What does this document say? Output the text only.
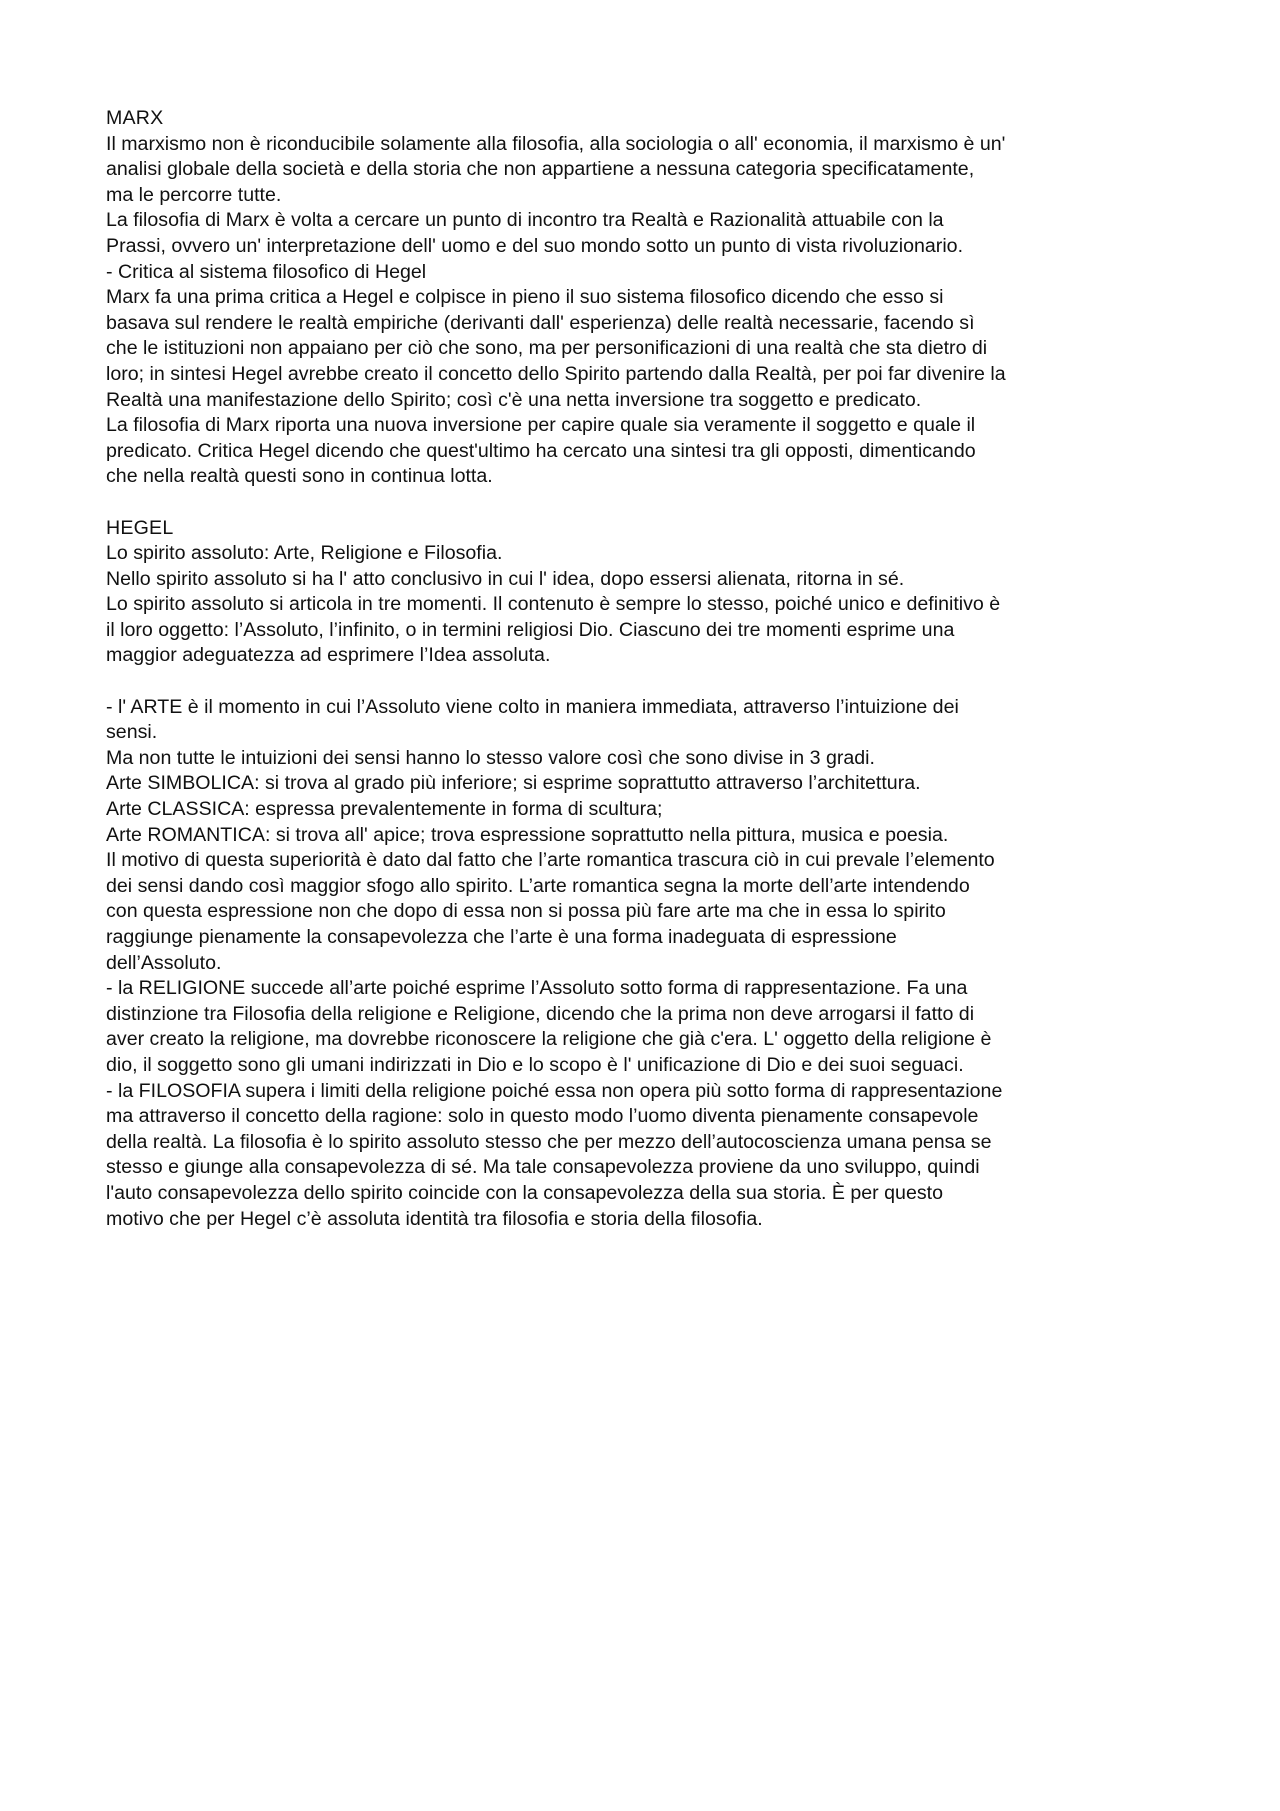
MARX

Il marxismo non è riconducibile solamente alla filosofia, alla sociologia o all' economia, il marxismo è un' analisi globale della società e della storia che non appartiene a nessuna categoria specificatamente, ma le percorre tutte.

La filosofia di Marx è volta a cercare un punto di incontro tra Realtà e Razionalità attuabile con la Prassi, ovvero un' interpretazione dell' uomo e del suo mondo sotto un punto di vista rivoluzionario.

- Critica al sistema filosofico di Hegel

Marx fa una prima critica a Hegel e colpisce in pieno il suo sistema filosofico dicendo che esso si basava sul rendere le realtà empiriche (derivanti dall' esperienza) delle realtà necessarie, facendo sì che le istituzioni non appaiano per ciò che sono, ma per personificazioni di una realtà che sta dietro di loro; in sintesi Hegel avrebbe creato il concetto dello Spirito partendo dalla Realtà, per poi far divenire la Realtà una manifestazione dello Spirito; così c'è una netta inversione tra soggetto e predicato.

La filosofia di Marx riporta una nuova inversione per capire quale sia veramente il soggetto e quale il predicato. Critica Hegel dicendo che quest'ultimo ha cercato una sintesi tra gli opposti, dimenticando che nella realtà questi sono in continua lotta.

HEGEL

Lo spirito assoluto: Arte, Religione e Filosofia.

Nello spirito assoluto si ha l' atto conclusivo in cui l' idea, dopo essersi alienata, ritorna in sé.

Lo spirito assoluto si articola in tre momenti. Il contenuto è sempre lo stesso, poiché unico e definitivo è il loro oggetto: l’Assoluto, l’infinito, o in termini religiosi Dio. Ciascuno dei tre momenti esprime una maggior adeguatezza ad esprimere l’Idea assoluta.

- l' ARTE è il momento in cui l’Assoluto viene colto in maniera immediata, attraverso l’intuizione dei sensi.

Ma non tutte le intuizioni dei sensi hanno lo stesso valore così che sono divise in 3 gradi.

Arte SIMBOLICA: si trova al grado più inferiore; si esprime soprattutto attraverso l’architettura.

Arte CLASSICA: espressa prevalentemente in forma di scultura;

Arte ROMANTICA: si trova all' apice; trova espressione soprattutto nella pittura, musica e poesia.

Il motivo di questa superiorità è dato dal fatto che l’arte romantica trascura ciò in cui prevale l’elemento dei sensi dando così maggior sfogo allo spirito. L’arte romantica segna la morte dell’arte intendendo con questa espressione non che dopo di essa non si possa più fare arte ma che in essa lo spirito raggiunge pienamente la consapevolezza che l’arte è una forma inadeguata di espressione dell’Assoluto.

- la RELIGIONE succede all’arte poiché esprime l’Assoluto sotto forma di rappresentazione. Fa una distinzione tra Filosofia della religione e Religione, dicendo che la prima non deve arrogarsi il fatto di aver creato la religione, ma dovrebbe riconoscere la religione che già c'era. L' oggetto della religione è dio, il soggetto sono gli umani indirizzati in Dio e lo scopo è l' unificazione di Dio e dei suoi seguaci.

- la FILOSOFIA supera i limiti della religione poiché essa non opera più sotto forma di rappresentazione ma attraverso il concetto della ragione: solo in questo modo l’uomo diventa pienamente consapevole della realtà. La filosofia è lo spirito assoluto stesso che per mezzo dell’autocoscienza umana pensa se stesso e giunge alla consapevolezza di sé. Ma tale consapevolezza proviene da uno sviluppo, quindi l'auto consapevolezza dello spirito coincide con la consapevolezza della sua storia. È per questo motivo che per Hegel c’è assoluta identità tra filosofia e storia della filosofia.
